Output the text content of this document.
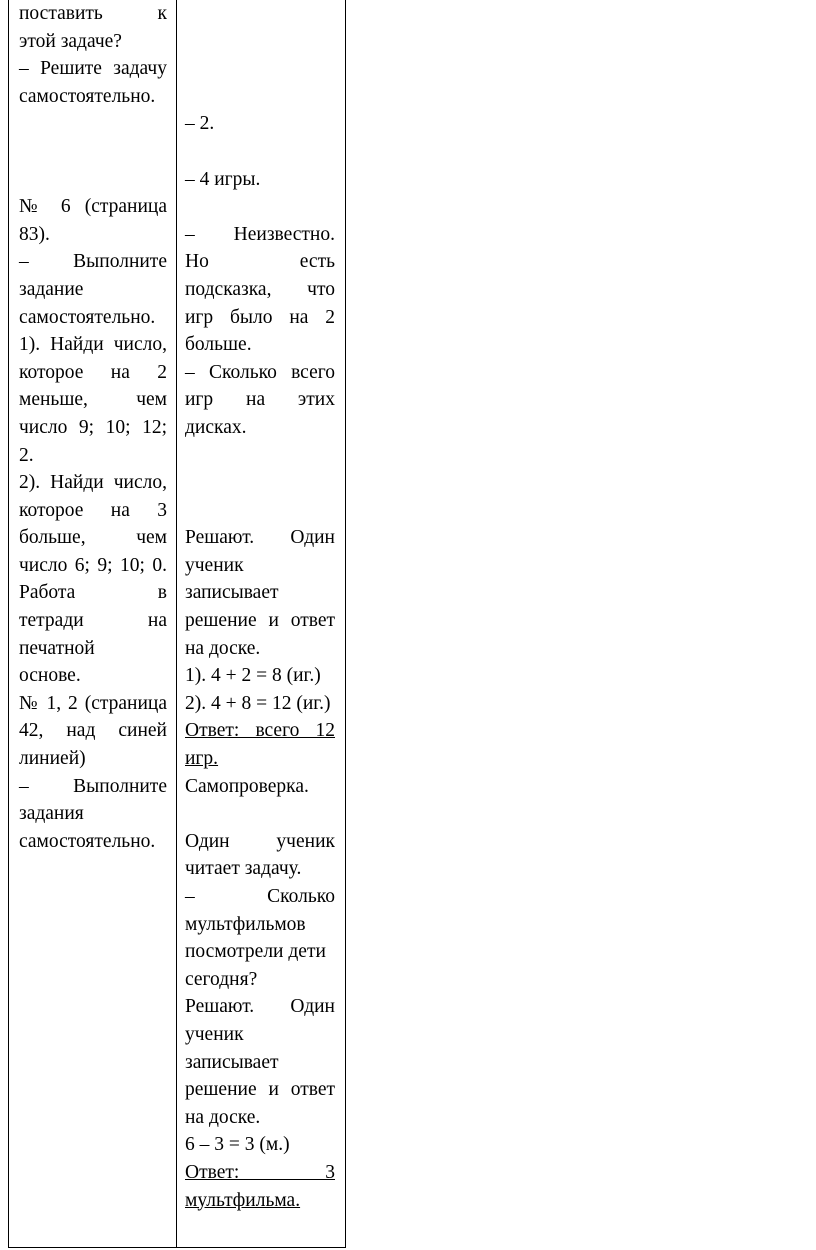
поставить к

этой задаче?

– Решите задачу

самостоятельно.

№ 6 (страница

83).

– Выполните

задание

самостоятельно.

1). Найди число,

которое на 2

меньше, чем

число 9; 10; 12;

2.

2). Найди число,

которое на 3

больше, чем

число 6; 9; 10; 0.

Работа в

тетради на

печатной

основе.

№ 1, 2 (страница

42, над синей

линией)

– Выполните

задания

самостоятельно.

– 2.

– 4 игры.

– Неизвестно.

Но есть

подсказка, что

игр было на 2

больше.

– Сколько всего

игр на этих

дисках.

Решают. Один

ученик

записывает

решение и ответ

на доске.

1). 4 + 2 = 8 (иг.)

2). 4 + 8 = 12 (иг.)

Ответ: всего 12

игр.

Самопроверка.

Один ученик

читает задачу.

– Сколько

мультфильмов

посмотрели дети

сегодня?

Решают. Один

ученик

записывает

решение и ответ

на доске.

6 – 3 = 3 (м.)

Ответ: 3

мультфильма.
